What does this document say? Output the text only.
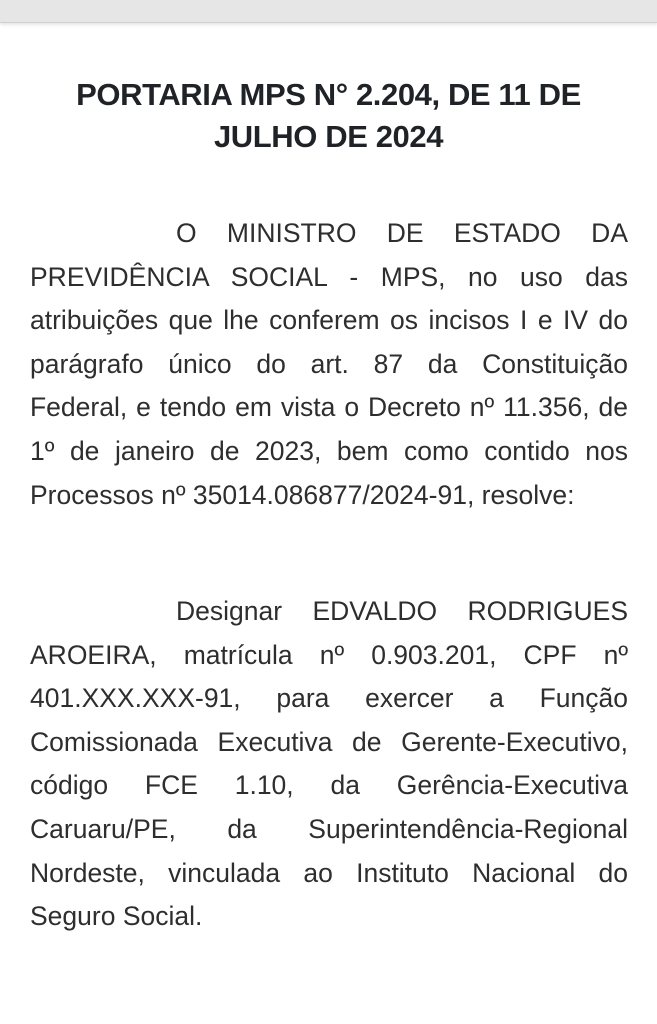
PORTARIA MPS N° 2.204, DE 11 DE
JULHO DE 2024

O MINISTRO DE ESTADO DA PREVIDÊNCIA SOCIAL - MPS, no uso das atribuições que lhe conferem os incisos I e IV do parágrafo único do art. 87 da Constituição Federal, e tendo em vista o Decreto nº 11.356, de 1º de janeiro de 2023, bem como contido nos Processos nº 35014.086877/2024-91, resolve:

Designar EDVALDO RODRIGUES AROEIRA, matrícula nº 0.903.201, CPF nº 401.XXX.XXX-91, para exercer a Função Comissionada Executiva de Gerente-Executivo, código FCE 1.10, da Gerência-Executiva Caruaru/PE, da Superintendência-Regional Nordeste, vinculada ao Instituto Nacional do Seguro Social.
